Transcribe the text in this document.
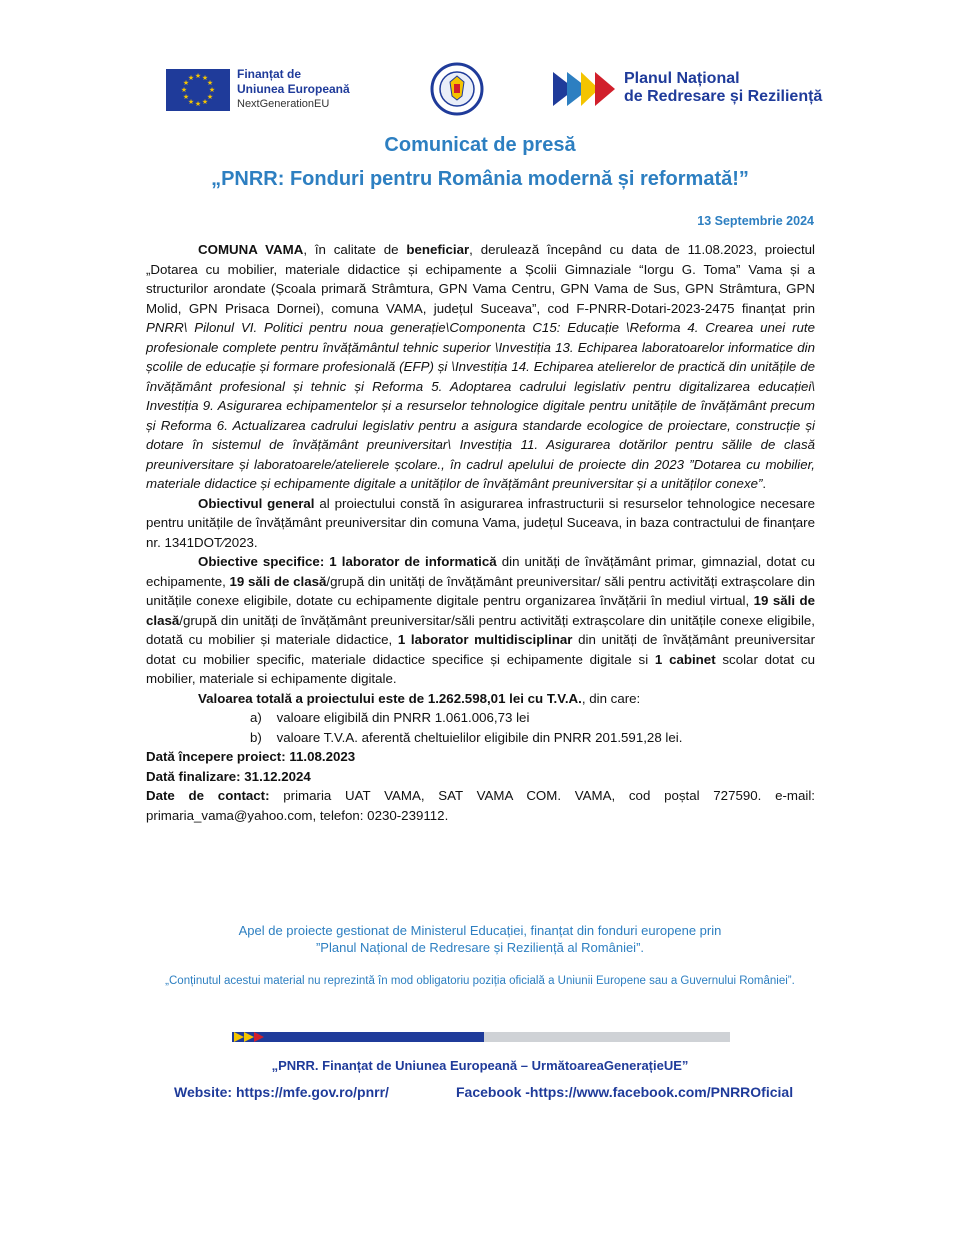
★ ★
★
★
★
★
★
★
★
★
★
★	Finanțat de
Uniunea Europeană
NextGenerationEU
Planul Național
de Redresare și Reziliență
Comunicat de presă
„PNRR: Fonduri pentru România modernă și reformată!”
13 Septembrie 2024

COMUNA VAMA, în calitate de beneficiar, derulează începând cu data de 11.08.2023, proiectul „Dotarea cu mobilier, materiale didactice și echipamente a Școlii Gimnaziale “Iorgu G. Toma” Vama și a structurilor arondate (Școala primară Strâmtura, GPN Vama Centru, GPN Vama de Sus, GPN Strâmtura, GPN Molid, GPN Prisaca Dornei), comuna VAMA, județul Suceava”, cod F-PNRR-Dotari-2023-2475 finanțat prin PNRR\ Pilonul VI. Politici pentru noua generație\Componenta C15: Educație \Reforma 4. Crearea unei rute profesionale complete pentru învățământul tehnic superior \Investiția 13. Echiparea laboratoarelor informatice din școlile de educație și formare profesională (EFP) și \Investiția 14. Echiparea atelierelor de practică din unitățile de învățământ profesional și tehnic și Reforma 5. Adoptarea cadrului legislativ pentru digitalizarea educației\ Investiția 9. Asigurarea echipamentelor și a resurselor tehnologice digitale pentru unitățile de învățământ precum și Reforma 6. Actualizarea cadrului legislativ pentru a asigura standarde ecologice de proiectare, construcție și dotare în sistemul de învățământ preuniversitar\ Investiția 11. Asigurarea dotărilor pentru sălile de clasă preuniversitare și laboratoarele/atelierele școlare., în cadrul apelului de proiecte din 2023 ”Dotarea cu mobilier, materiale didactice și echipamente digitale a unităților de învățământ preuniversitar și a unităților conexe”.

Obiectivul general al proiectului constă în asigurarea infrastructurii si resurselor tehnologice necesare pentru unitățile de învățământ preuniversitar din comuna Vama, județul Suceava, in baza contractului de finanțare nr. 1341DOT⁄2023.

Obiective specifice: 1 laborator de informatică din unități de învățământ primar, gimnazial, dotat cu echipamente, 19 săli de clasă/grupă din unități de învățământ preuniversitar/ săli pentru activități extrașcolare din unitățile conexe eligibile, dotate cu echipamente digitale pentru organizarea învățării în mediul virtual, 19 săli de clasă/grupă din unități de învățământ preuniversitar/săli pentru activități extrașcolare din unitățile conexe eligibile, dotată cu mobilier și materiale didactice, 1 laborator multidisciplinar din unități de învățământ preuniversitar dotat cu mobilier specific, materiale didactice specifice și echipamente digitale si 1 cabinet scolar dotat cu mobilier, materiale si echipamente digitale.

Valoarea totală a proiectului este de 1.262.598,01 lei cu T.V.A., din care:

a)    valoare eligibilă din PNRR 1.061.006,73 lei
b)    valoare T.V.A. aferentă cheltuielilor eligibile din PNRR 201.591,28 lei.

Dată începere proiect: 11.08.2023

Dată finalizare: 31.12.2024

Date de contact: primaria UAT VAMA, SAT VAMA COM. VAMA, cod poștal 727590. e-mail: primaria_vama@yahoo.com, telefon: 0230-239112.

Apel de proiecte gestionat de Ministerul Educației, finanțat din fonduri europene prin
”Planul Național de Redresare și Reziliență al României”.
„Conținutul acestui material nu reprezintă în mod obligatoriu poziția oficială a Uniunii Europene sau a Guvernului României”.
„PNRR. Finanțat de Uniunea Europeană – UrmătoareaGenerațieUE”
Website: https://mfe.gov.ro/pnrr/	Facebook -https://www.facebook.com/PNRROficial
